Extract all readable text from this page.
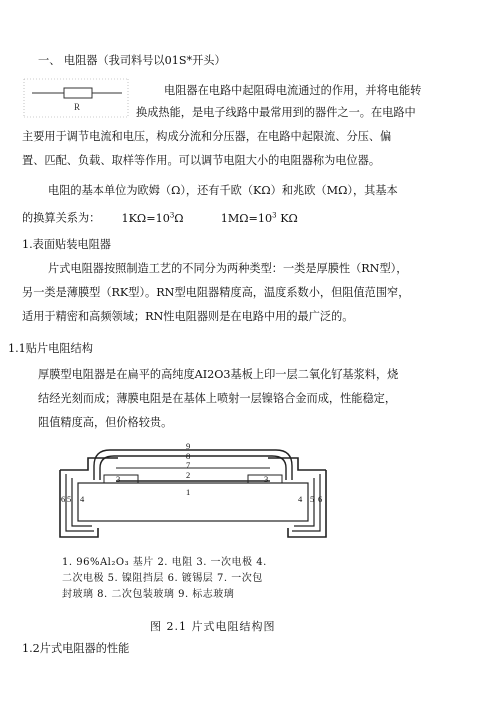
一、 电阻器（我司料号以01S*开头）
R
电阻器在电路中起阻碍电流通过的作用，并将电能转
换成热能，是电子线路中最常用到的器件之一。在电路中
主要用于调节电流和电压，构成分流和分压器，在电路中起限流、分压、偏
置、匹配、负载、取样等作用。可以调节电阻大小的电阻器称为电位器。
电阻的基本单位为欧姆（Ω），还有千欧（KΩ）和兆欧（MΩ），其基本
的换算关系为： $1K\Omega=10^3\Omega$	$1M\Omega=10^3$ KΩ
1.表面贴装电阻器
片式电阻器按照制造工艺的不同分为两种类型：一类是厚膜性（RN型），
另一类是薄膜型（RK型）。RN型电阻器精度高，温度系数小，但阻值范围窄，
适用于精密和高频领域；RN性电阻器则是在电路中用的最广泛的。
1.1贴片电阻结构
厚膜型电阻器是在扁平的高纯度AI2O3基板上印一层二氧化钌基浆料，烧
结经光刻而成；薄膜电阻是在基体上喷射一层镍铬合金而成，性能稳定，
阻值精度高，但价格较贵。
9
8
7
2
1
3	3
6 5 4	4 5 6
1. 96%Al₂O₃ 基片 2. 电阻 3. 一次电极 4.
二次电极 5. 镍阻挡层 6. 镀锡层 7. 一次包
封玻璃 8. 二次包装玻璃 9. 标志玻璃
图 2.1 片式电阻结构图
1.2片式电阻器的性能
